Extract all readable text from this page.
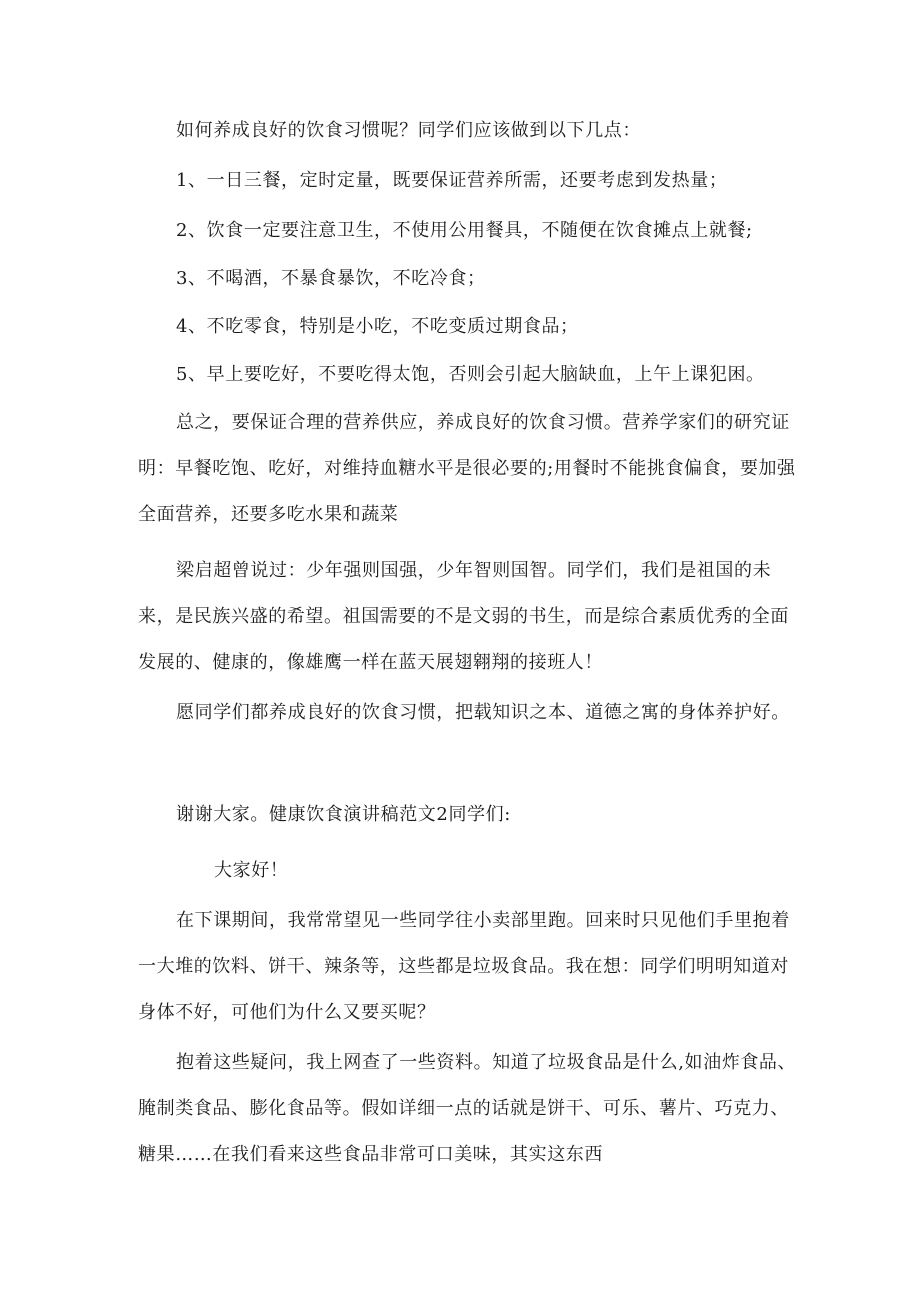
如何养成良好的饮食习惯呢？同学们应该做到以下几点：

1、一日三餐，定时定量，既要保证营养所需，还要考虑到发热量；

2、饮食一定要注意卫生，不使用公用餐具，不随便在饮食摊点上就餐;

3、不喝酒，不暴食暴饮，不吃冷食；

4、不吃零食，特别是小吃，不吃变质过期食品；

5、早上要吃好，不要吃得太饱，否则会引起大脑缺血，上午上课犯困。

总之，要保证合理的营养供应，养成良好的饮食习惯。营养学家们的研究证明：早餐吃饱、吃好，对维持血糖水平是很必要的;用餐时不能挑食偏食，要加强全面营养，还要多吃水果和蔬菜

梁启超曾说过：少年强则国强，少年智则国智。同学们，我们是祖国的未来，是民族兴盛的希望。祖国需要的不是文弱的书生，而是综合素质优秀的全面发展的、健康的，像雄鹰一样在蓝天展翅翱翔的接班人！

愿同学们都养成良好的饮食习惯，把载知识之本、道德之寓的身体养护好。

谢谢大家。健康饮食演讲稿范文2同学们:

大家好！

在下课期间，我常常望见一些同学往小卖部里跑。回来时只见他们手里抱着一大堆的饮料、饼干、辣条等，这些都是垃圾食品。我在想：同学们明明知道对身体不好，可他们为什么又要买呢？

抱着这些疑问，我上网查了一些资料。知道了垃圾食品是什么,如油炸食品、腌制类食品、膨化食品等。假如详细一点的话就是饼干、可乐、薯片、巧克力、糖果……在我们看来这些食品非常可口美味，其实这东西
